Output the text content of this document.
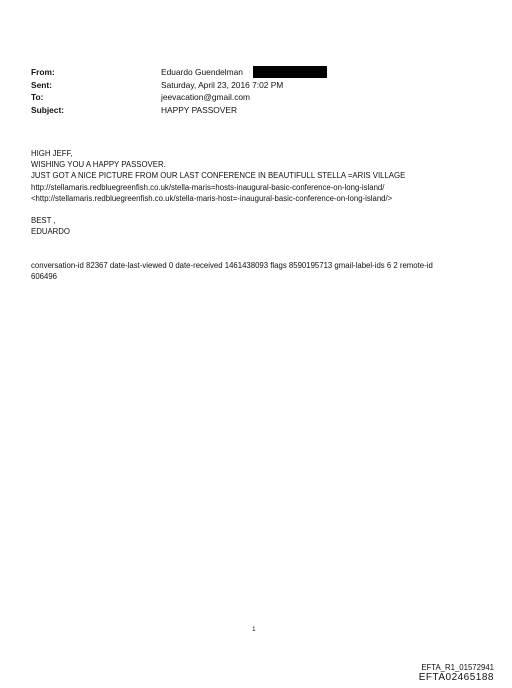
From:	Eduardo Guendelman
Sent:	Saturday, April 23, 2016 7:02 PM
To:	jeevacation@gmail.com
Subject:	HAPPY PASSOVER
HIGH JEFF,
WISHING YOU A HAPPY PASSOVER.
JUST GOT A NICE PICTURE FROM OUR LAST CONFERENCE IN BEAUTIFULL STELLA =ARIS VILLAGE
http://stellamaris.redbluegreenfish.co.uk/stella-maris=hosts-inaugural-basic-conference-on-long-island/
<http://stellamaris.redbluegreenfish.co.uk/stella-maris-host=-inaugural-basic-conference-on-long-island/>
BEST ,
EDUARDO
conversation-id 82367 date-last-viewed 0 date-received 1461438093 flags 8590195713 gmail-label-ids 6 2 remote-id
606496
1
EFTA_R1_01572941
EFTA02465188
